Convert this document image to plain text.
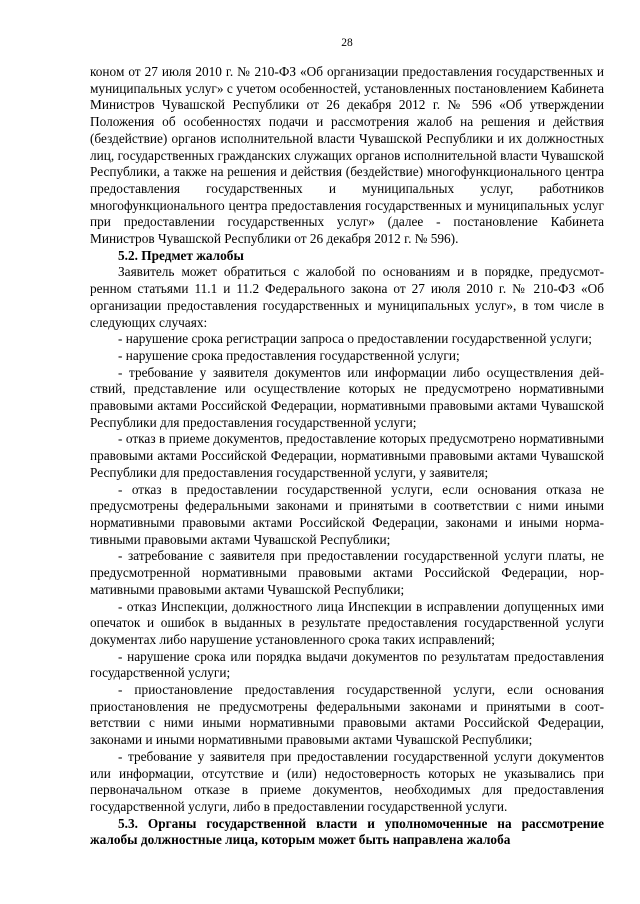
28

коном от 27 июля 2010 г. № 210-ФЗ «Об организации предоставления государственных и муниципальных услуг» с учетом особенностей, установленных постановлением Кабинета Министров Чувашской Республики от 26 декабря 2012 г. № 596 «Об утверждении Положения об особенностях подачи и рассмотрения жалоб на решения и действия (бездействие) органов исполнительной власти Чувашской Республики и их должностных лиц, государственных гражданских служащих органов исполнительной власти Чувашской Республики, а также на решения и действия (бездействие) многофункционального центра предоставления государственных и муниципальных услуг, работников многофункционального центра предоставления государственных и муниципальных услуг при предоставлении государственных услуг» (далее - постановление Кабинета Министров Чувашской Республики от 26 декабря 2012 г. № 596).

5.2. Предмет жалобы

Заявитель может обратиться с жалобой по основаниям и в порядке, предусмотренном статьями 11.1 и 11.2 Федерального закона от 27 июля 2010 г. № 210-ФЗ «Об организации предоставления государственных и муниципальных услуг», в том числе в следующих случаях:

- нарушение срока регистрации запроса о предоставлении государственной услуги;

- нарушение срока предоставления государственной услуги;

- требование у заявителя документов или информации либо осуществления действий, представление или осуществление которых не предусмотрено нормативными правовыми актами Российской Федерации, нормативными правовыми актами Чувашской Республики для предоставления государственной услуги;

- отказ в приеме документов, предоставление которых предусмотрено нормативными правовыми актами Российской Федерации, нормативными правовыми актами Чувашской Республики для предоставления государственной услуги, у заявителя;

- отказ в предоставлении государственной услуги, если основания отказа не предусмотрены федеральными законами и принятыми в соответствии с ними иными нормативными правовыми актами Российской Федерации, законами и иными нормативными правовыми актами Чувашской Республики;

- затребование с заявителя при предоставлении государственной услуги платы, не предусмотренной нормативными правовыми актами Российской Федерации, нормативными правовыми актами Чувашской Республики;

- отказ Инспекции, должностного лица Инспекции в исправлении допущенных ими опечаток и ошибок в выданных в результате предоставления государственной услуги документах либо нарушение установленного срока таких исправлений;

- нарушение срока или порядка выдачи документов по результатам предоставления государственной услуги;

- приостановление предоставления государственной услуги, если основания приостановления не предусмотрены федеральными законами и принятыми в соответствии с ними иными нормативными правовыми актами Российской Федерации, законами и иными нормативными правовыми актами Чувашской Республики;

- требование у заявителя при предоставлении государственной услуги документов или информации, отсутствие и (или) недостоверность которых не указывались при первоначальном отказе в приеме документов, необходимых для предоставления государственной услуги, либо в предоставлении государственной услуги.

5.3. Органы государственной власти и уполномоченные на рассмотрение жалобы должностные лица, которым может быть направлена жалоба
